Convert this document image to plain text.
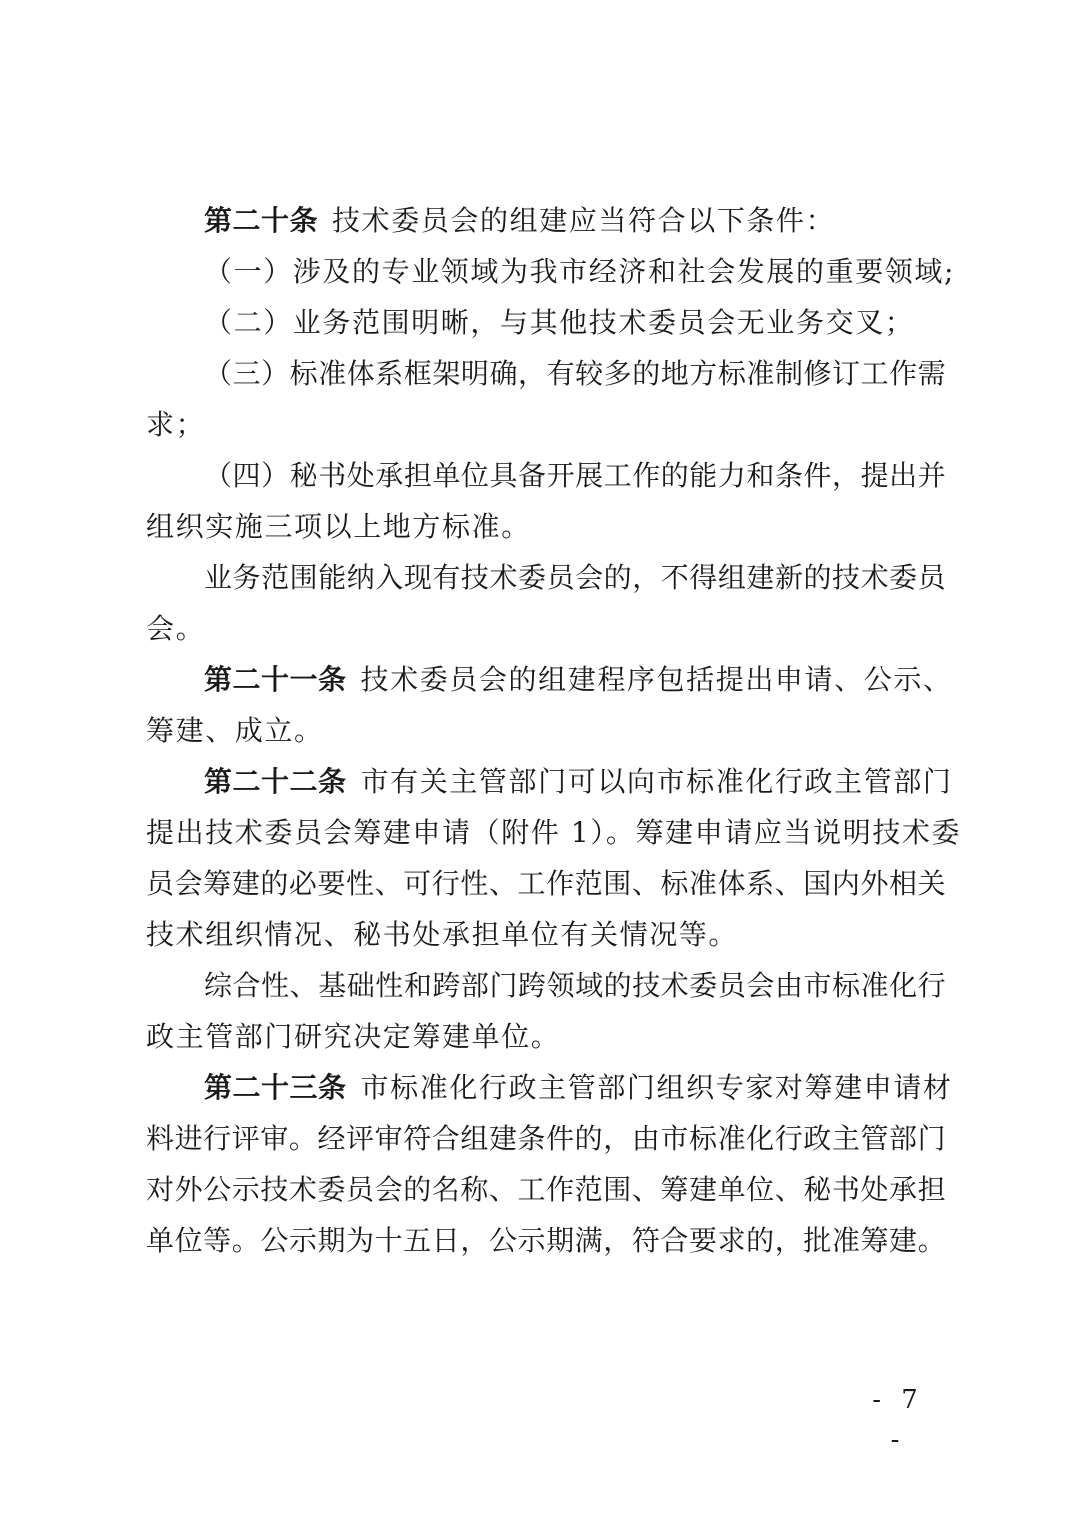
第二十条 技术委员会的组建应当符合以下条件：
（一）涉及的专业领域为我市经济和社会发展的重要领域;
（二）业务范围明晰，与其他技术委员会无业务交叉；
（ 三 ） 标 准 体 系 框 架 明 确 ， 有 较 多 的 地 方 标 准 制 修 订 工 作 需
求；
（ 四 ） 秘 书 处 承 担 单 位 具 备 开 展 工 作 的 能 力 和 条 件 ， 提 出 并
组织实施三项以上地方标准。
业 务 范 围 能 纳 入 现 有 技 术 委 员 会 的 ， 不 得 组 建 新 的 技 术 委 员
会。
第二十一条 技术委员会的组建程序包括提出申请、公示、
筹建、成立。
第二十二条 市有关主管部门可以向市标准化行政主管部门
提出技术委员会筹建申请（附件 1）。筹建申请应当说明技术委
员 会 筹 建 的 必 要 性 、 可 行 性 、 工 作 范 围 、 标 准 体 系 、 国 内 外 相 关
技术组织情况、秘书处承担单位有关情况等。
综 合 性 、 基 础 性 和 跨 部 门 跨 领 域 的 技 术 委 员 会 由 市 标 准 化 行
政主管部门研究决定筹建单位。
第二十三条 市标准化行政主管部门组织专家对筹建申请材
料 进 行 评 审 。 经 评 审 符 合 组 建 条 件 的 ， 由 市 标 准 化 行 政 主 管 部 门
对 外 公 示 技 术 委 员 会 的 名 称 、 工 作 范 围 、 筹 建 单 位 、 秘 书 处 承 担
单 位 等 。 公 示 期 为 十 五 日 ， 公 示 期 满 ， 符 合 要 求 的 ， 批 准 筹 建 。
- 7 -
